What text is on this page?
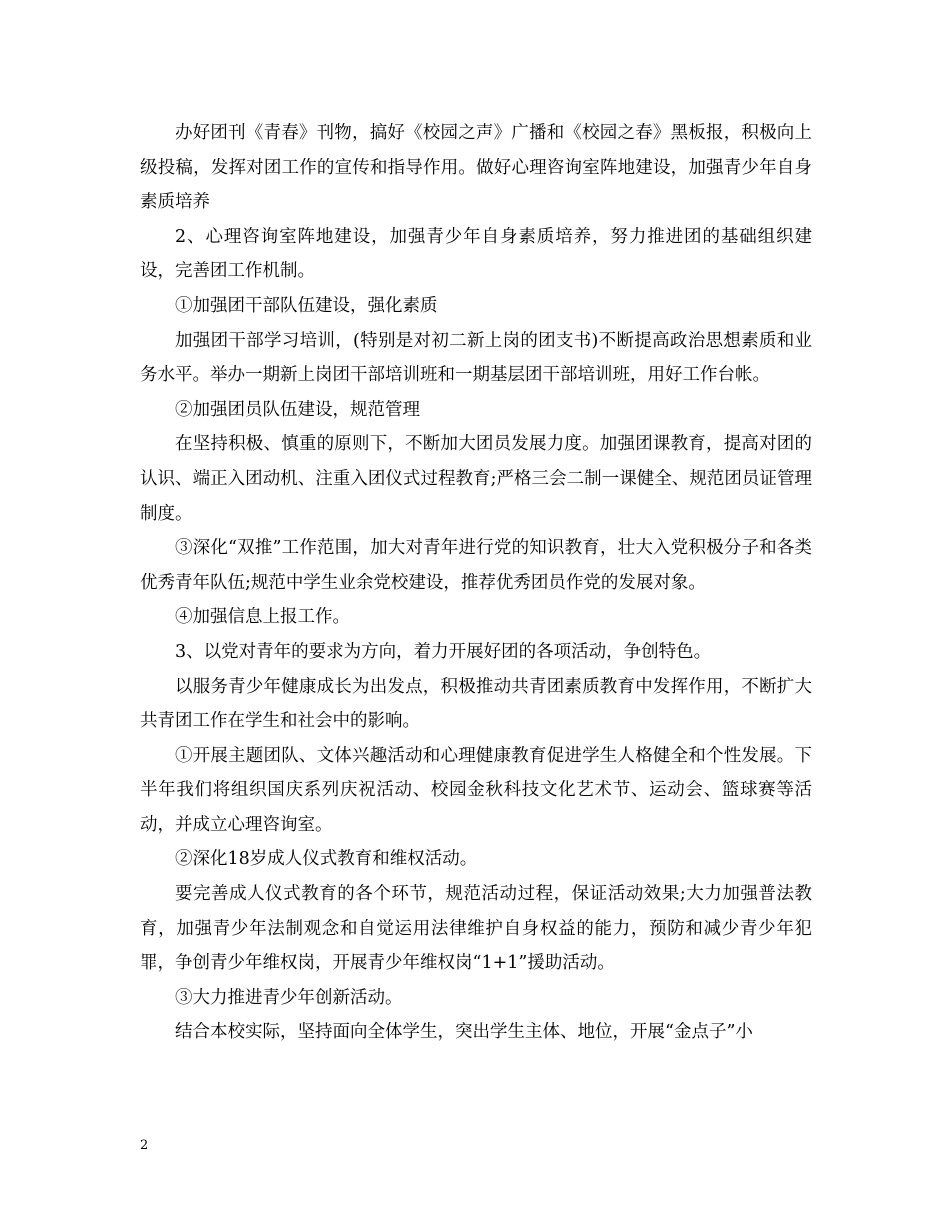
办好团刊《青春》刊物，搞好《校园之声》广播和《校园之春》黑板报，积极向上级投稿，发挥对团工作的宣传和指导作用。做好心理咨询室阵地建设，加强青少年自身素质培养

2、心理咨询室阵地建设，加强青少年自身素质培养，努力推进团的基础组织建设，完善团工作机制。

①加强团干部队伍建设，强化素质

加强团干部学习培训，(特别是对初二新上岗的团支书)不断提高政治思想素质和业务水平。举办一期新上岗团干部培训班和一期基层团干部培训班，用好工作台帐。

②加强团员队伍建设，规范管理

在坚持积极、慎重的原则下，不断加大团员发展力度。加强团课教育，提高对团的认识、端正入团动机、注重入团仪式过程教育;严格三会二制一课健全、规范团员证管理制度。

③深化“双推”工作范围，加大对青年进行党的知识教育，壮大入党积极分子和各类优秀青年队伍;规范中学生业余党校建设，推荐优秀团员作党的发展对象。

④加强信息上报工作。

3、以党对青年的要求为方向，着力开展好团的各项活动，争创特色。

以服务青少年健康成长为出发点，积极推动共青团素质教育中发挥作用，不断扩大共青团工作在学生和社会中的影响。

①开展主题团队、文体兴趣活动和心理健康教育促进学生人格健全和个性发展。下半年我们将组织国庆系列庆祝活动、校园金秋科技文化艺术节、运动会、篮球赛等活动，并成立心理咨询室。

②深化18岁成人仪式教育和维权活动。

要完善成人仪式教育的各个环节，规范活动过程，保证活动效果;大力加强普法教育，加强青少年法制观念和自觉运用法律维护自身权益的能力，预防和减少青少年犯罪，争创青少年维权岗，开展青少年维权岗“1+1”援助活动。

③大力推进青少年创新活动。

结合本校实际，坚持面向全体学生，突出学生主体、地位，开展“金点子”小

2
